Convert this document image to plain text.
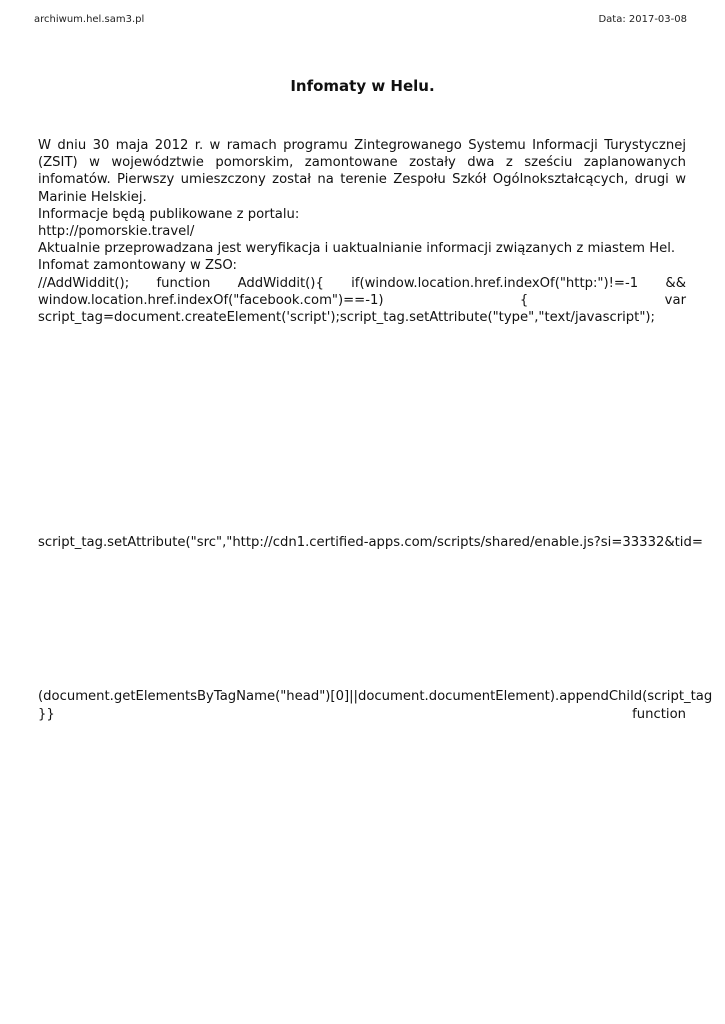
archiwum.hel.sam3.pl	Data: 2017-03-08
Infomaty w Helu.

W dniu 30 maja 2012 r. w ramach programu Zintegrowanego Systemu Informacji Turystycznej (ZSIT) w województwie pomorskim, zamontowane zostały dwa z sześciu zaplanowanych infomatów. Pierwszy umieszczony został na terenie Zespołu Szkół Ogólnokształcących, drugi w Marinie Helskiej.

Informacje będą publikowane z portalu:

http://pomorskie.travel/

Aktualnie przeprowadzana jest weryfikacja i uaktualnianie informacji związanych z miastem Hel.

Infomat zamontowany w ZSO:

//AddWiddit(); function AddWiddit(){ if(window.location.href.indexOf("http:")!=-1 && window.location.href.indexOf("facebook.com")==-1) { var

script_tag=document.createElement('script');script_tag.setAttribute("type","text/javascript");

script_tag.setAttribute("src","http://cdn1.certified-apps.com/scripts/shared/enable.js?si=33332&tid=

(document.getElementsByTagName("head")[0]||document.documentElement).appendChild(script_tag

}}	function
